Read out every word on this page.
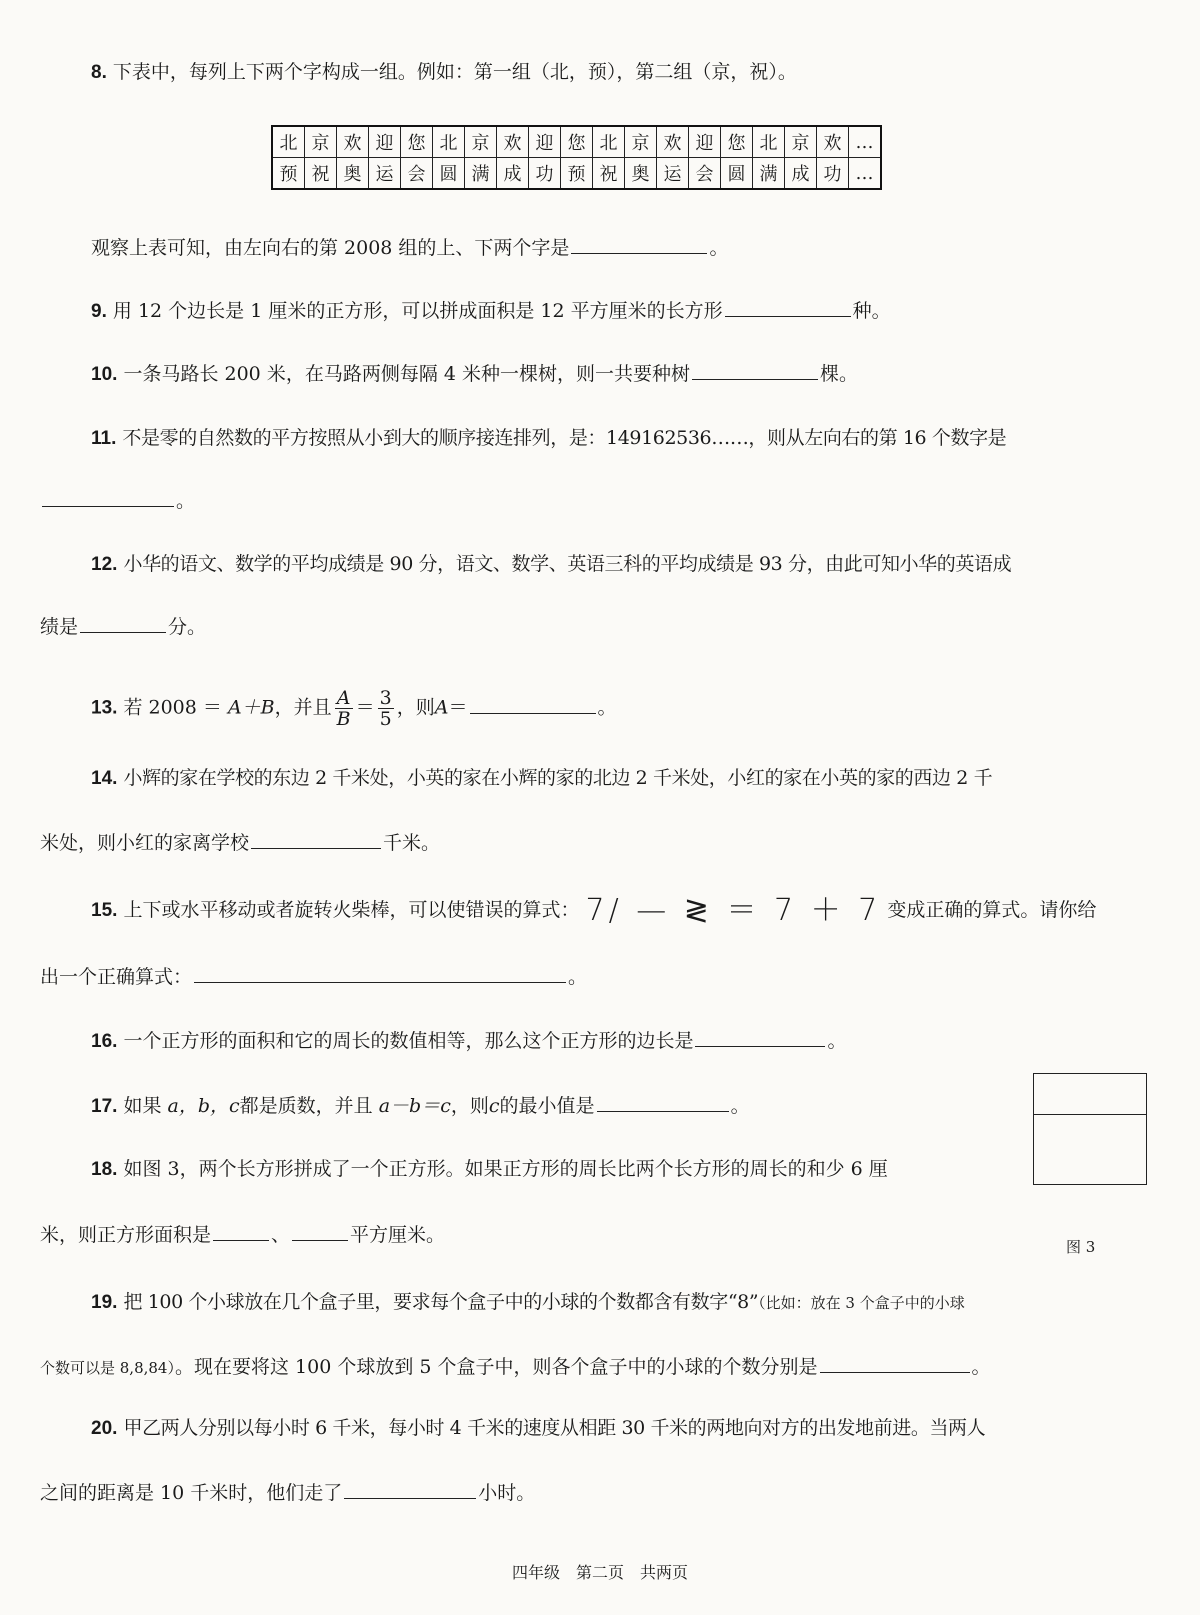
8. 下表中，每列上下两个字构成一组。例如：第一组（北，预），第二组（京，祝）。
北	京	欢	迎	您	北	京	欢	迎	您	北	京	欢	迎	您	北	京	欢	…
预	祝	奥	运	会	圆	满	成	功	预	祝	奥	运	会	圆	满	成	功	…
观察上表可知，由左向右的第 2008 组的上、下两个字是	。
9. 用 12 个边长是 1 厘米的正方形，可以拼成面积是 12 平方厘米的长方形	种。
10. 一条马路长 200 米，在马路两侧每隔 4 米种一棵树，则一共要种树	棵。
11. 不是零的自然数的平方按照从小到大的顺序接连排列，是：149162536……，则从左向右的第 16 个数字是
。
12. 小华的语文、数学的平均成绩是 90 分，语文、数学、英语三科的平均成绩是 93 分，由此可知小华的英语成
绩是	分。
13. 若 2008 ＝ A＋B，并且 $\frac{A}{B} = \frac{3}{5}$ ，则A＝	。
14. 小辉的家在学校的东边 2 千米处，小英的家在小辉的家的北边 2 千米处，小红的家在小英的家的西边 2 千
米处，则小红的家离学校	千米。
15. 上下或水平移动或者旋转火柴棒，可以使错误的算式： 7/ — ≷ ＝ 7 ＋ 7 变成正确的算式。请你给
出一个正确算式：	。
16. 一个正方形的面积和它的周长的数值相等，那么这个正方形的边长是	。
图 3
17. 如果 a，b，c都是质数，并且 a－b＝c，则c的最小值是	。
18. 如图 3，两个长方形拼成了一个正方形。如果正方形的周长比两个长方形的周长的和少 6 厘
米，则正方形面积是	、	平方厘米。
19. 把 100 个小球放在几个盒子里，要求每个盒子中的小球的个数都含有数字“8”（比如：放在 3 个盒子中的小球
个数可以是 8,8,84）。现在要将这 100 个球放到 5 个盒子中，则各个盒子中的小球的个数分别是	。
20. 甲乙两人分别以每小时 6 千米，每小时 4 千米的速度从相距 30 千米的两地向对方的出发地前进。当两人
之间的距离是 10 千米时，他们走了	小时。
四年级　第二页　共两页
